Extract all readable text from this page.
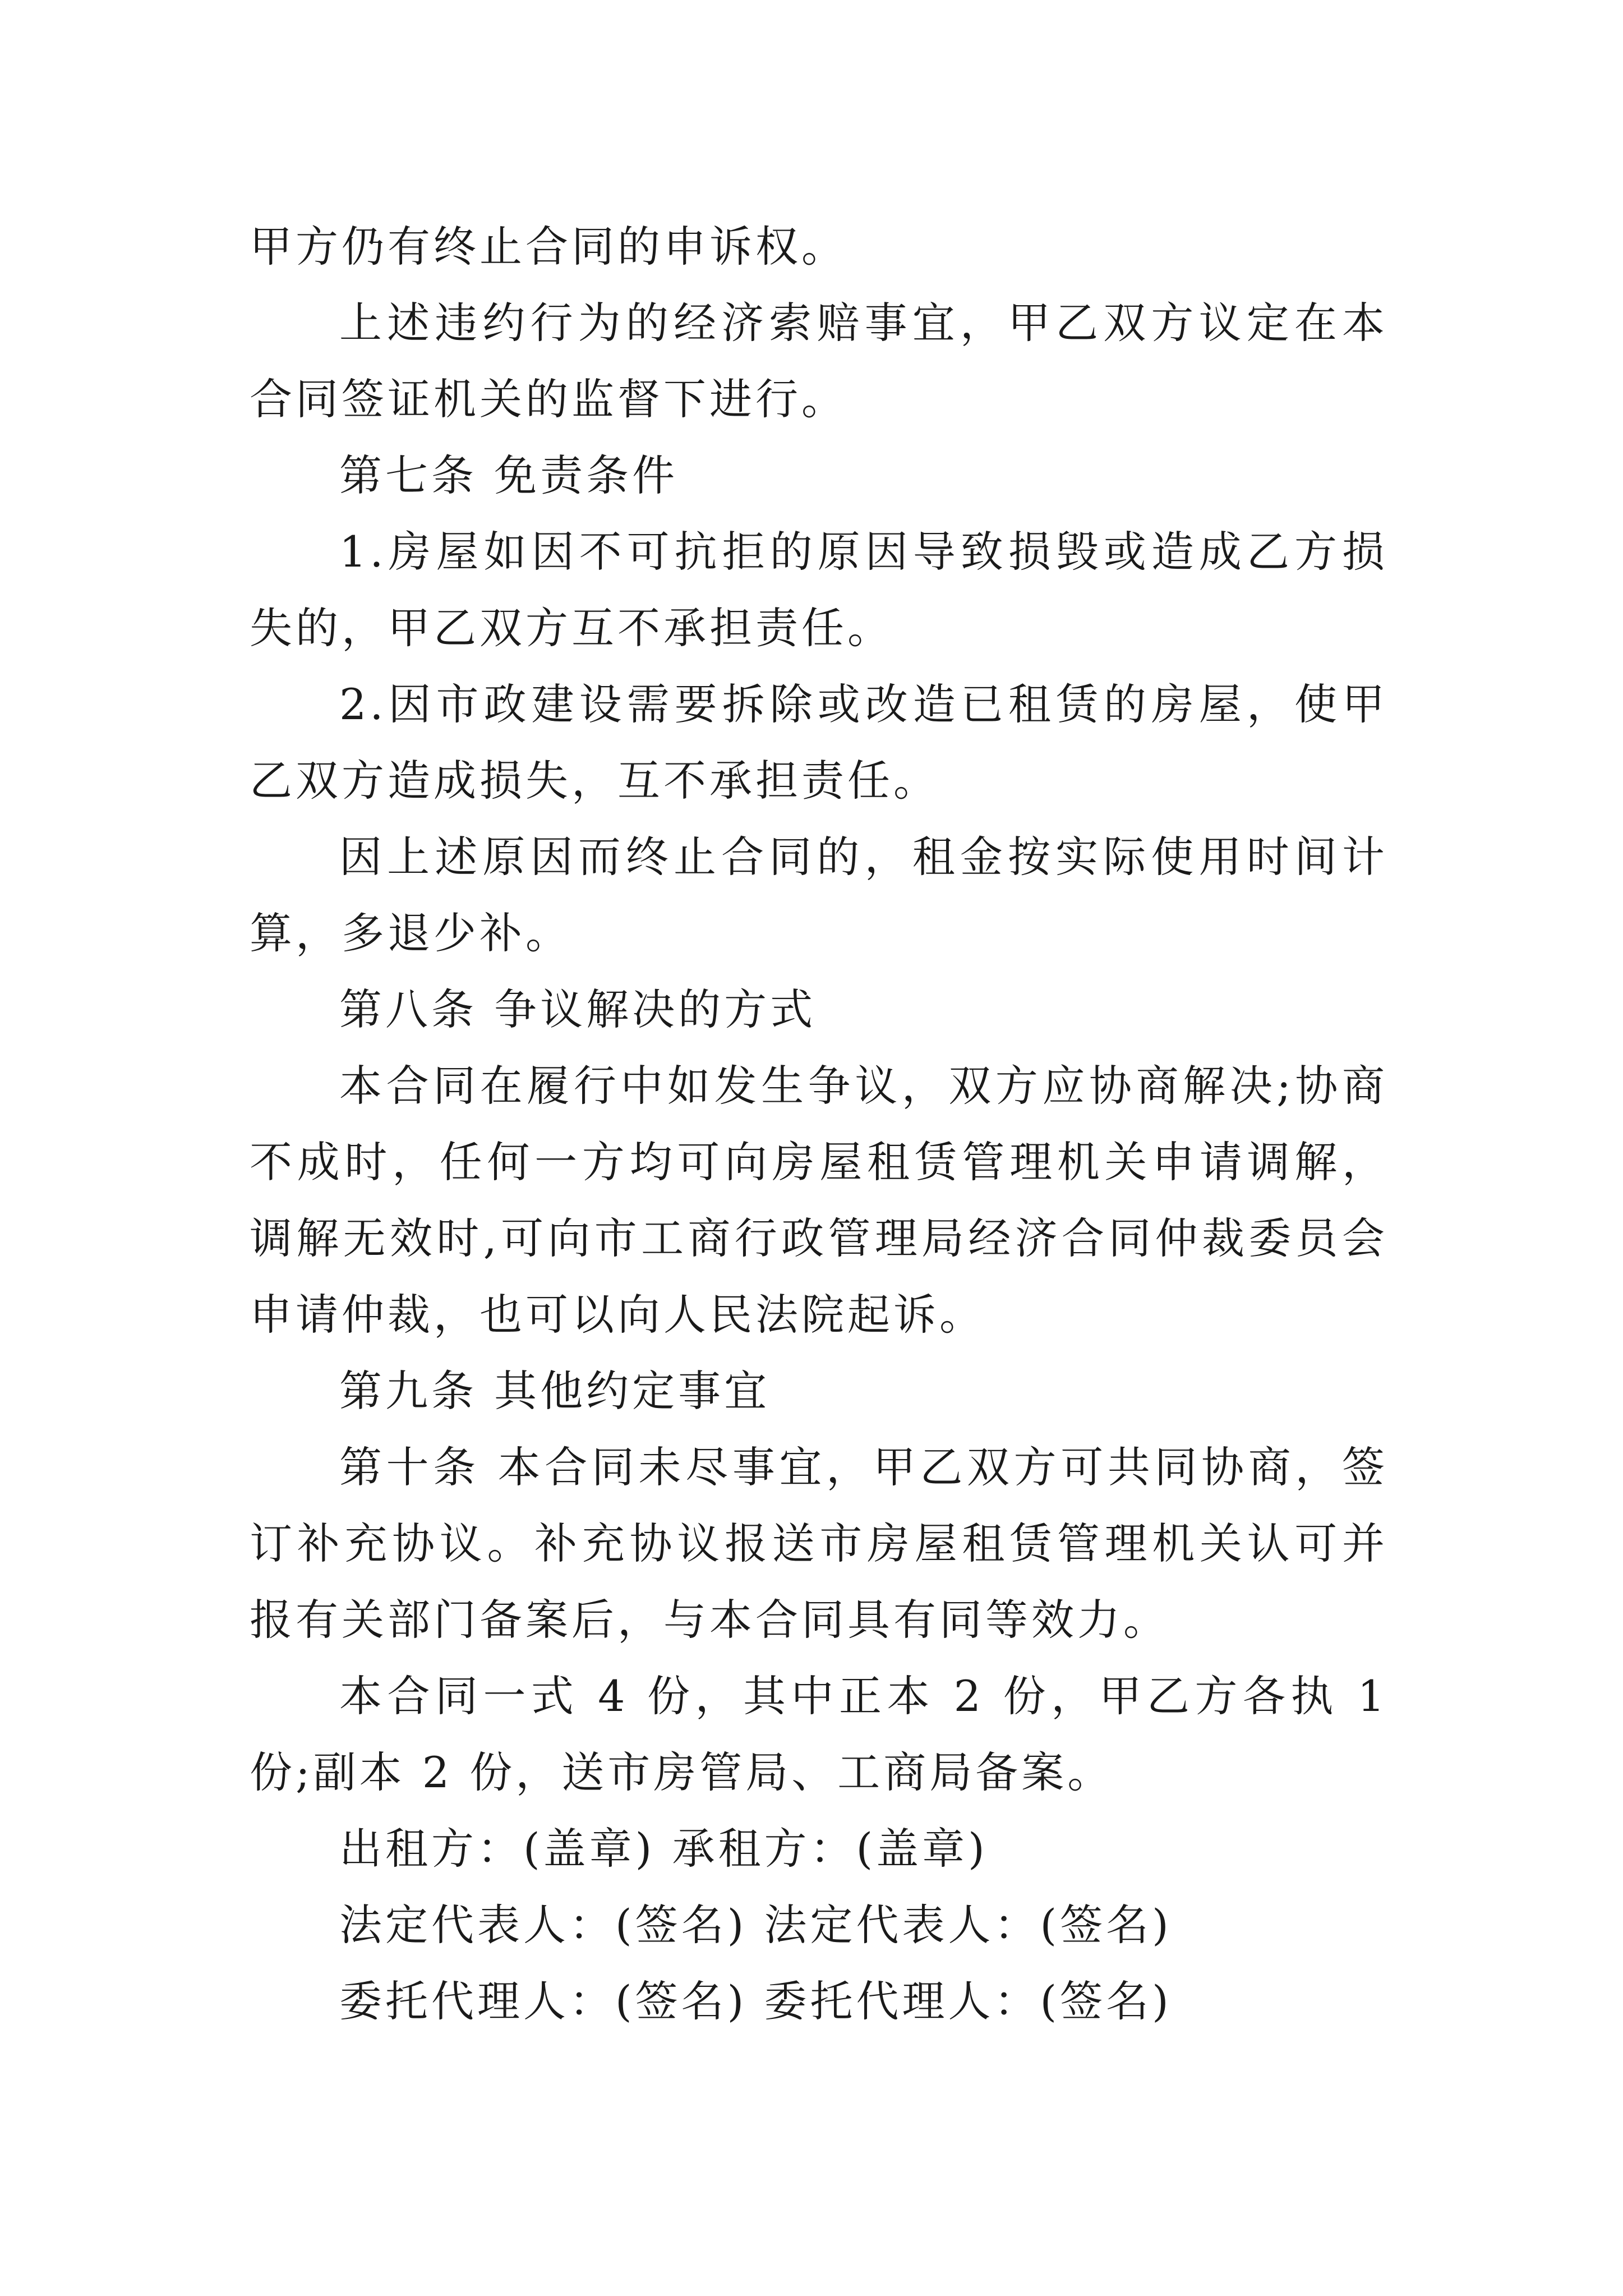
甲方仍有终止合同的申诉权。

上述违约行为的经济索赔事宜，甲乙双方议定在本合同签证机关的监督下进行。

第七条 免责条件

1.房屋如因不可抗拒的原因导致损毁或造成乙方损失的，甲乙双方互不承担责任。

2.因市政建设需要拆除或改造已租赁的房屋，使甲乙双方造成损失，互不承担责任。

因上述原因而终止合同的，租金按实际使用时间计算，多退少补。

第八条 争议解决的方式

本合同在履行中如发生争议，双方应协商解决;协商不成时，任何一方均可向房屋租赁管理机关申请调解，调解无效时,可向市工商行政管理局经济合同仲裁委员会申请仲裁，也可以向人民法院起诉。

第九条 其他约定事宜

第十条 本合同未尽事宜，甲乙双方可共同协商，签订补充协议。补充协议报送市房屋租赁管理机关认可并报有关部门备案后，与本合同具有同等效力。

本合同一式 4 份，其中正本 2 份，甲乙方各执 1 份;副本 2 份，送市房管局、工商局备案。

出租方：(盖章) 承租方：(盖章)

法定代表人：(签名) 法定代表人：(签名)

委托代理人：(签名) 委托代理人：(签名)
